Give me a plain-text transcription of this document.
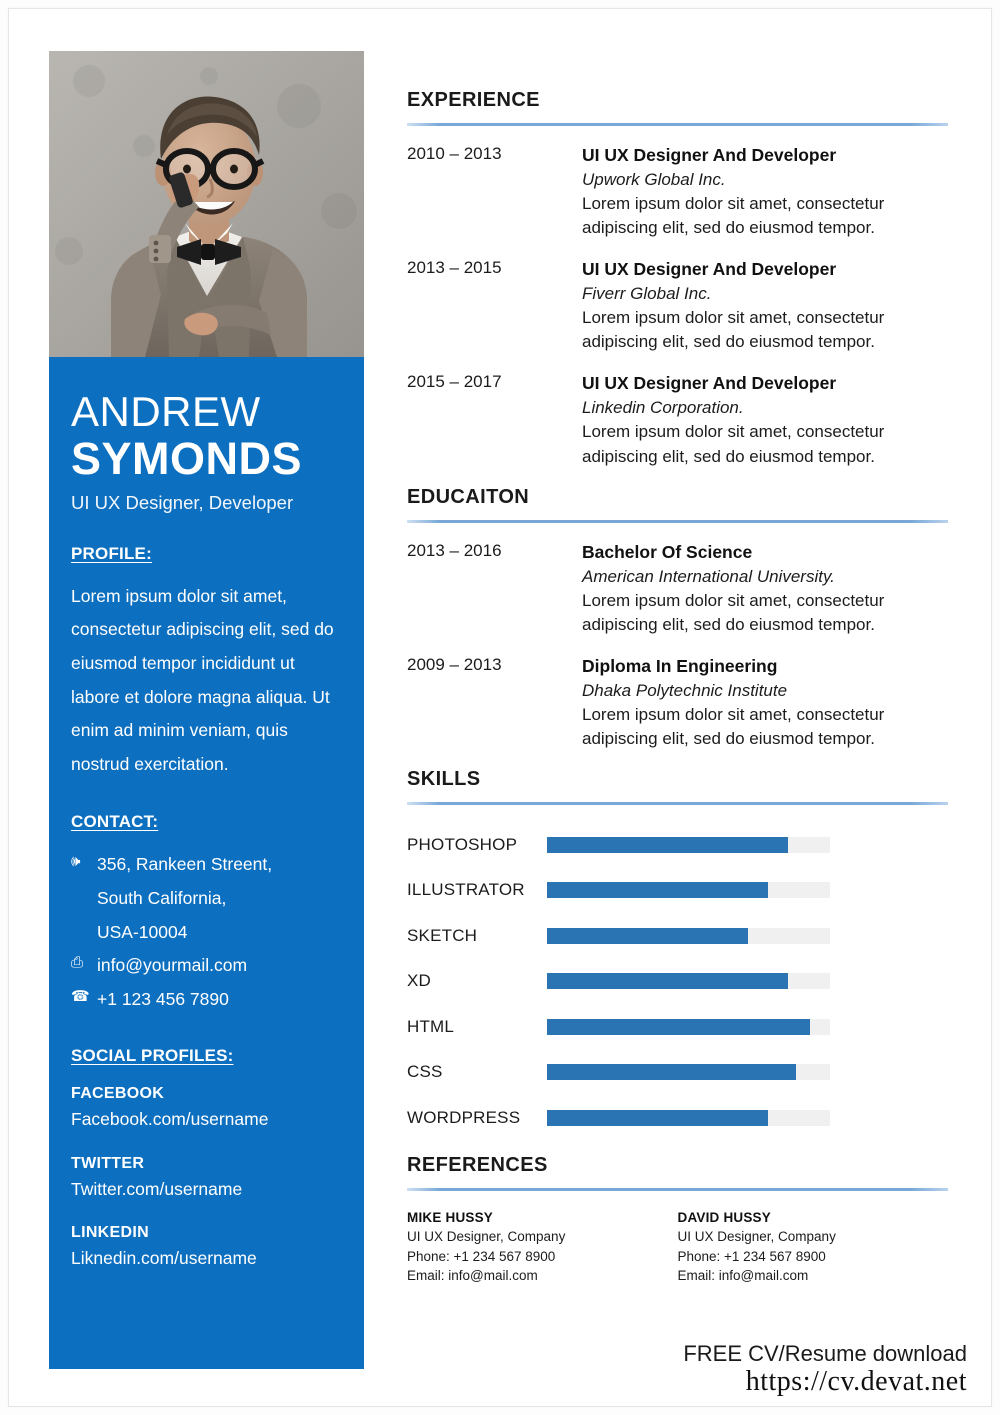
ANDREW
SYMONDS
UI UX Designer, Developer
PROFILE:
Lorem ipsum dolor sit amet, consectetur adipiscing elit, sed do eiusmod tempor incididunt ut labore et dolore magna aliqua. Ut enim ad minim veniam, quis nostrud exercitation.
CONTACT:
🕪 356, Rankeen Streent,
South California,
USA-10004
⎙ info@yourmail.com
☎ +1 123 456 7890
SOCIAL PROFILES:
FACEBOOK
Facebook.com/username
TWITTER
Twitter.com/username
LINKEDIN
Liknedin.com/username
EXPERIENCE
2010 – 2013	UI UX Designer And Developer
Upwork Global Inc.
Lorem ipsum dolor sit amet, consectetur
adipiscing elit, sed do eiusmod tempor.
2013 – 2015	UI UX Designer And Developer
Fiverr Global Inc.
Lorem ipsum dolor sit amet, consectetur
adipiscing elit, sed do eiusmod tempor.
2015 – 2017	UI UX Designer And Developer
Linkedin Corporation.
Lorem ipsum dolor sit amet, consectetur
adipiscing elit, sed do eiusmod tempor.
EDUCAITON
2013 – 2016	Bachelor Of Science
American International University.
Lorem ipsum dolor sit amet, consectetur
adipiscing elit, sed do eiusmod tempor.
2009 – 2013	Diploma In Engineering
Dhaka Polytechnic Institute
Lorem ipsum dolor sit amet, consectetur
adipiscing elit, sed do eiusmod tempor.
SKILLS
PHOTOSHOP
ILLUSTRATOR
SKETCH
XD
HTML
CSS
WORDPRESS
REFERENCES
MIKE HUSSY
UI UX Designer, Company
Phone: +1 234 567 8900
Email: info@mail.com
DAVID HUSSY
UI UX Designer, Company
Phone: +1 234 567 8900
Email: info@mail.com
FREE CV/Resume download
https://cv.devat.net
